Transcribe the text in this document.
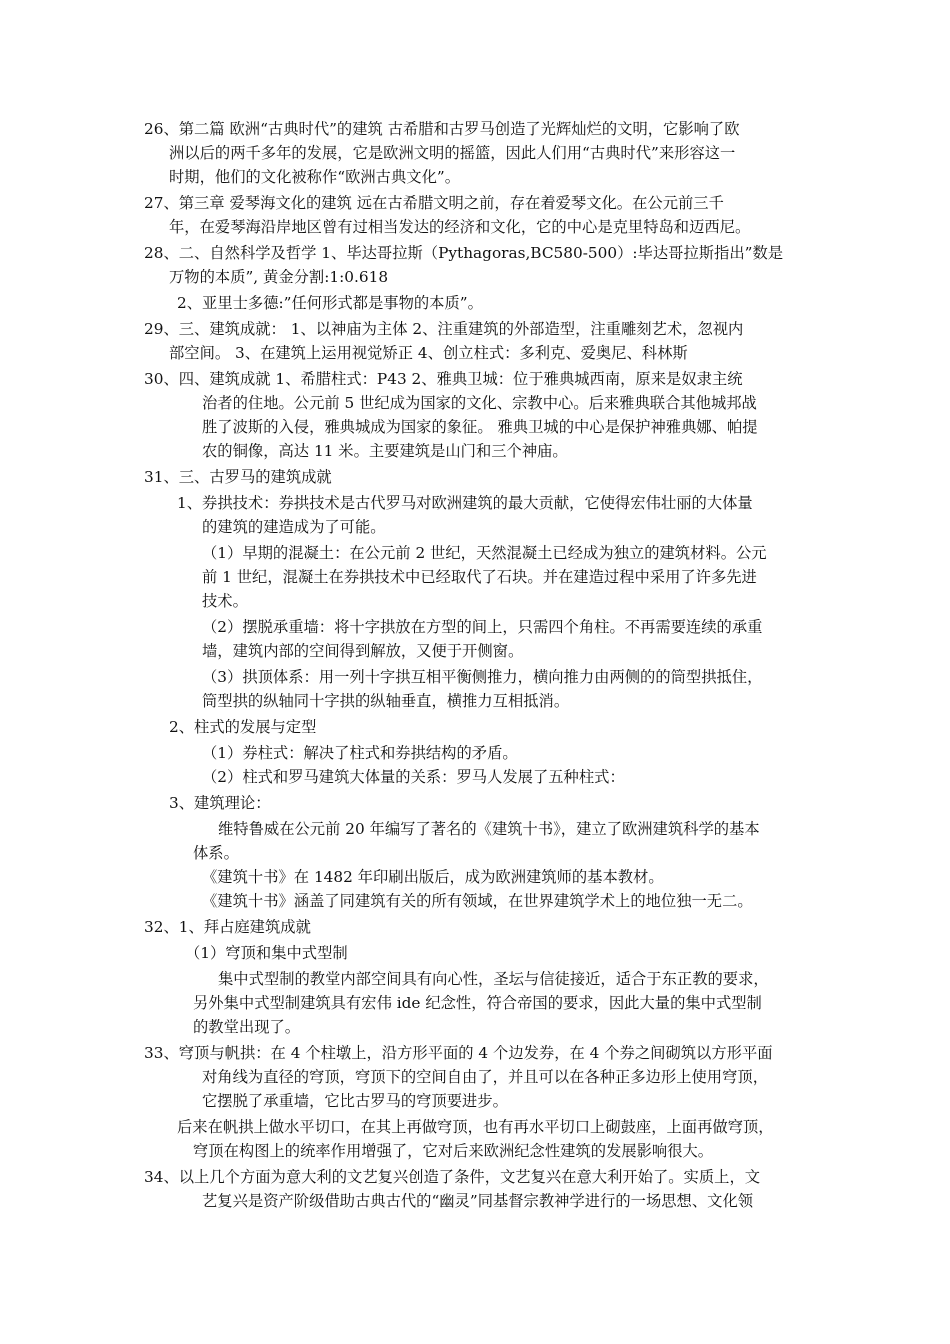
26、第二篇 欧洲“古典时代”的建筑 古希腊和古罗马创造了光辉灿烂的文明，它影响了欧
洲以后的两千多年的发展，它是欧洲文明的摇篮，因此人们用“古典时代”来形容这一
时期，他们的文化被称作“欧洲古典文化”。
27、第三章 爱琴海文化的建筑 远在古希腊文明之前，存在着爱琴文化。在公元前三千
年，在爱琴海沿岸地区曾有过相当发达的经济和文化，它的中心是克里特岛和迈西尼。
28、二、自然科学及哲学 1、毕达哥拉斯（Pythagoras,BC580-500）:毕达哥拉斯指出”数是
万物的本质”, 黄金分割:1:0.618
2、亚里士多德:”任何形式都是事物的本质”。
29、三、建筑成就： 1、以神庙为主体 2、注重建筑的外部造型，注重雕刻艺术，忽视内
部空间。 3、在建筑上运用视觉矫正 4、创立柱式：多利克、爱奥尼、科林斯
30、四、建筑成就 1、希腊柱式：P43 2、雅典卫城：位于雅典城西南，原来是奴隶主统
治者的住地。公元前 5 世纪成为国家的文化、宗教中心。后来雅典联合其他城邦战
胜了波斯的入侵，雅典城成为国家的象征。 雅典卫城的中心是保护神雅典娜、帕提
农的铜像，高达 11 米。主要建筑是山门和三个神庙。
31、三、古罗马的建筑成就
1、券拱技术：券拱技术是古代罗马对欧洲建筑的最大贡献，它使得宏伟壮丽的大体量
的建筑的建造成为了可能。
（1）早期的混凝土：在公元前 2 世纪，天然混凝土已经成为独立的建筑材料。公元
前 1 世纪，混凝土在券拱技术中已经取代了石块。并在建造过程中采用了许多先进
技术。
（2）摆脱承重墙：将十字拱放在方型的间上，只需四个角柱。不再需要连续的承重
墙，建筑内部的空间得到解放，又便于开侧窗。
（3）拱顶体系：用一列十字拱互相平衡侧推力，横向推力由两侧的的筒型拱抵住，
筒型拱的纵轴同十字拱的纵轴垂直，横推力互相抵消。
2、柱式的发展与定型
（1）券柱式：解决了柱式和券拱结构的矛盾。
（2）柱式和罗马建筑大体量的关系：罗马人发展了五种柱式：
3、建筑理论：
维特鲁威在公元前 20 年编写了著名的《建筑十书》，建立了欧洲建筑科学的基本
体系。
《建筑十书》在 1482 年印刷出版后，成为欧洲建筑师的基本教材。
《建筑十书》涵盖了同建筑有关的所有领域，在世界建筑学术上的地位独一无二。
32、1、拜占庭建筑成就
（1）穹顶和集中式型制
集中式型制的教堂内部空间具有向心性，圣坛与信徒接近，适合于东正教的要求，
另外集中式型制建筑具有宏伟 ide 纪念性，符合帝国的要求，因此大量的集中式型制
的教堂出现了。
33、穹顶与帆拱：在 4 个柱墩上，沿方形平面的 4 个边发券，在 4 个券之间砌筑以方形平面
对角线为直径的穹顶，穹顶下的空间自由了，并且可以在各种正多边形上使用穹顶，
它摆脱了承重墙，它比古罗马的穹顶要进步。
后来在帆拱上做水平切口，在其上再做穹顶，也有再水平切口上砌鼓座，上面再做穹顶，
穹顶在构图上的统率作用增强了，它对后来欧洲纪念性建筑的发展影响很大。
34、以上几个方面为意大利的文艺复兴创造了条件，文艺复兴在意大利开始了。实质上，文
艺复兴是资产阶级借助古典古代的“幽灵”同基督宗教神学进行的一场思想、文化领
